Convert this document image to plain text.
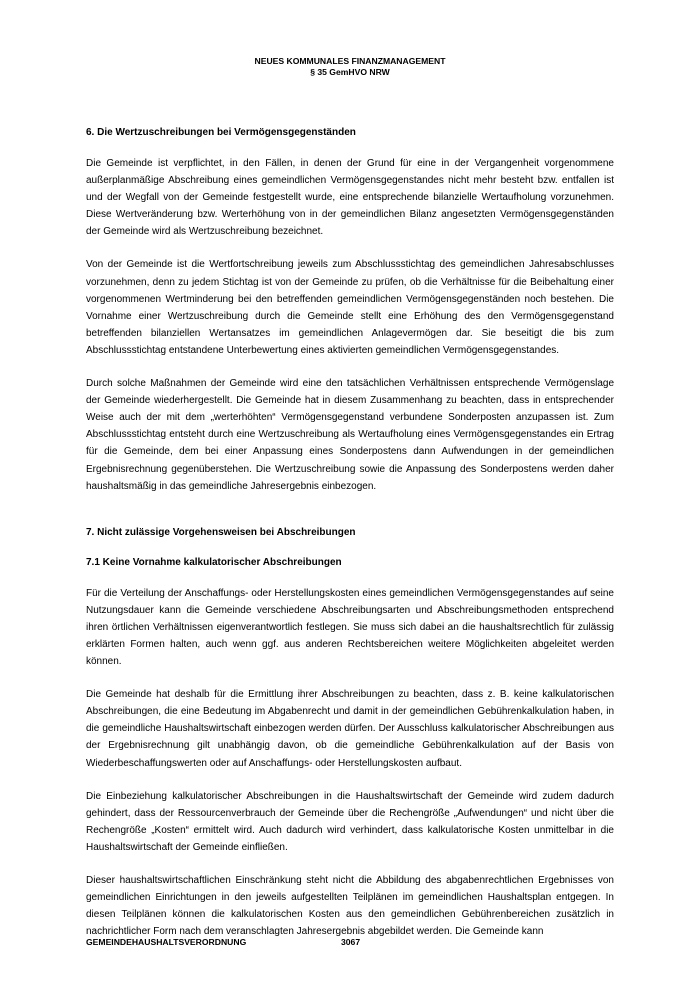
NEUES KOMMUNALES FINANZMANAGEMENT
§ 35 GemHVO NRW
6. Die Wertzuschreibungen bei Vermögensgegenständen

Die Gemeinde ist verpflichtet, in den Fällen, in denen der Grund für eine in der Vergangenheit vorgenommene außerplanmäßige Abschreibung eines gemeindlichen Vermögensgegenstandes nicht mehr besteht bzw. entfallen ist und der Wegfall von der Gemeinde festgestellt wurde, eine entsprechende bilanzielle Wertaufholung vorzunehmen. Diese Wertveränderung bzw. Werterhöhung von in der gemeindlichen Bilanz angesetzten Vermögensgegenständen der Gemeinde wird als Wertzuschreibung bezeichnet.

Von der Gemeinde ist die Wertfortschreibung jeweils zum Abschlussstichtag des gemeindlichen Jahresabschlusses vorzunehmen, denn zu jedem Stichtag ist von der Gemeinde zu prüfen, ob die Verhältnisse für die Beibehaltung einer vorgenommenen Wertminderung bei den betreffenden gemeindlichen Vermögensgegenständen noch bestehen. Die Vornahme einer Wertzuschreibung durch die Gemeinde stellt eine Erhöhung des den Vermögensgegenstand betreffenden bilanziellen Wertansatzes im gemeindlichen Anlagevermögen dar. Sie beseitigt die bis zum Abschlussstichtag entstandene Unterbewertung eines aktivierten gemeindlichen Vermögensgegenstandes.

Durch solche Maßnahmen der Gemeinde wird eine den tatsächlichen Verhältnissen entsprechende Vermögenslage der Gemeinde wiederhergestellt. Die Gemeinde hat in diesem Zusammenhang zu beachten, dass in entsprechender Weise auch der mit dem „werterhöhten“ Vermögensgegenstand verbundene Sonderposten anzupassen ist. Zum Abschlussstichtag entsteht durch eine Wertzuschreibung als Wertaufholung eines Vermögensgegenstandes ein Ertrag für die Gemeinde, dem bei einer Anpassung eines Sonderpostens dann Aufwendungen in der gemeindlichen Ergebnisrechnung gegenüberstehen. Die Wertzuschreibung sowie die Anpassung des Sonderpostens werden daher haushaltsmäßig in das gemeindliche Jahresergebnis einbezogen.

7. Nicht zulässige Vorgehensweisen bei Abschreibungen
7.1 Keine Vornahme kalkulatorischer Abschreibungen

Für die Verteilung der Anschaffungs- oder Herstellungskosten eines gemeindlichen Vermögensgegenstandes auf seine Nutzungsdauer kann die Gemeinde verschiedene Abschreibungsarten und Abschreibungsmethoden entsprechend ihren örtlichen Verhältnissen eigenverantwortlich festlegen. Sie muss sich dabei an die haushaltsrechtlich für zulässig erklärten Formen halten, auch wenn ggf. aus anderen Rechtsbereichen weitere Möglichkeiten abgeleitet werden können.

Die Gemeinde hat deshalb für die Ermittlung ihrer Abschreibungen zu beachten, dass z. B. keine kalkulatorischen Abschreibungen, die eine Bedeutung im Abgabenrecht und damit in der gemeindlichen Gebührenkalkulation haben, in die gemeindliche Haushaltswirtschaft einbezogen werden dürfen. Der Ausschluss kalkulatorischer Abschreibungen aus der Ergebnisrechnung gilt unabhängig davon, ob die gemeindliche Gebührenkalkulation auf der Basis von Wiederbeschaffungswerten oder auf Anschaffungs- oder Herstellungskosten aufbaut.

Die Einbeziehung kalkulatorischer Abschreibungen in die Haushaltswirtschaft der Gemeinde wird zudem dadurch gehindert, dass der Ressourcenverbrauch der Gemeinde über die Rechengröße „Aufwendungen“ und nicht über die Rechengröße „Kosten“ ermittelt wird. Auch dadurch wird verhindert, dass kalkulatorische Kosten unmittelbar in die Haushaltswirtschaft der Gemeinde einfließen.

Dieser haushaltswirtschaftlichen Einschränkung steht nicht die Abbildung des abgabenrechtlichen Ergebnisses von gemeindlichen Einrichtungen in den jeweils aufgestellten Teilplänen im gemeindlichen Haushaltsplan entgegen. In diesen Teilplänen können die kalkulatorischen Kosten aus den gemeindlichen Gebührenbereichen zusätzlich in nachrichtlicher Form nach dem veranschlagten Jahresergebnis abgebildet werden. Die Gemeinde kann

GEMEINDEHAUSHALTSVERORDNUNG	3067
